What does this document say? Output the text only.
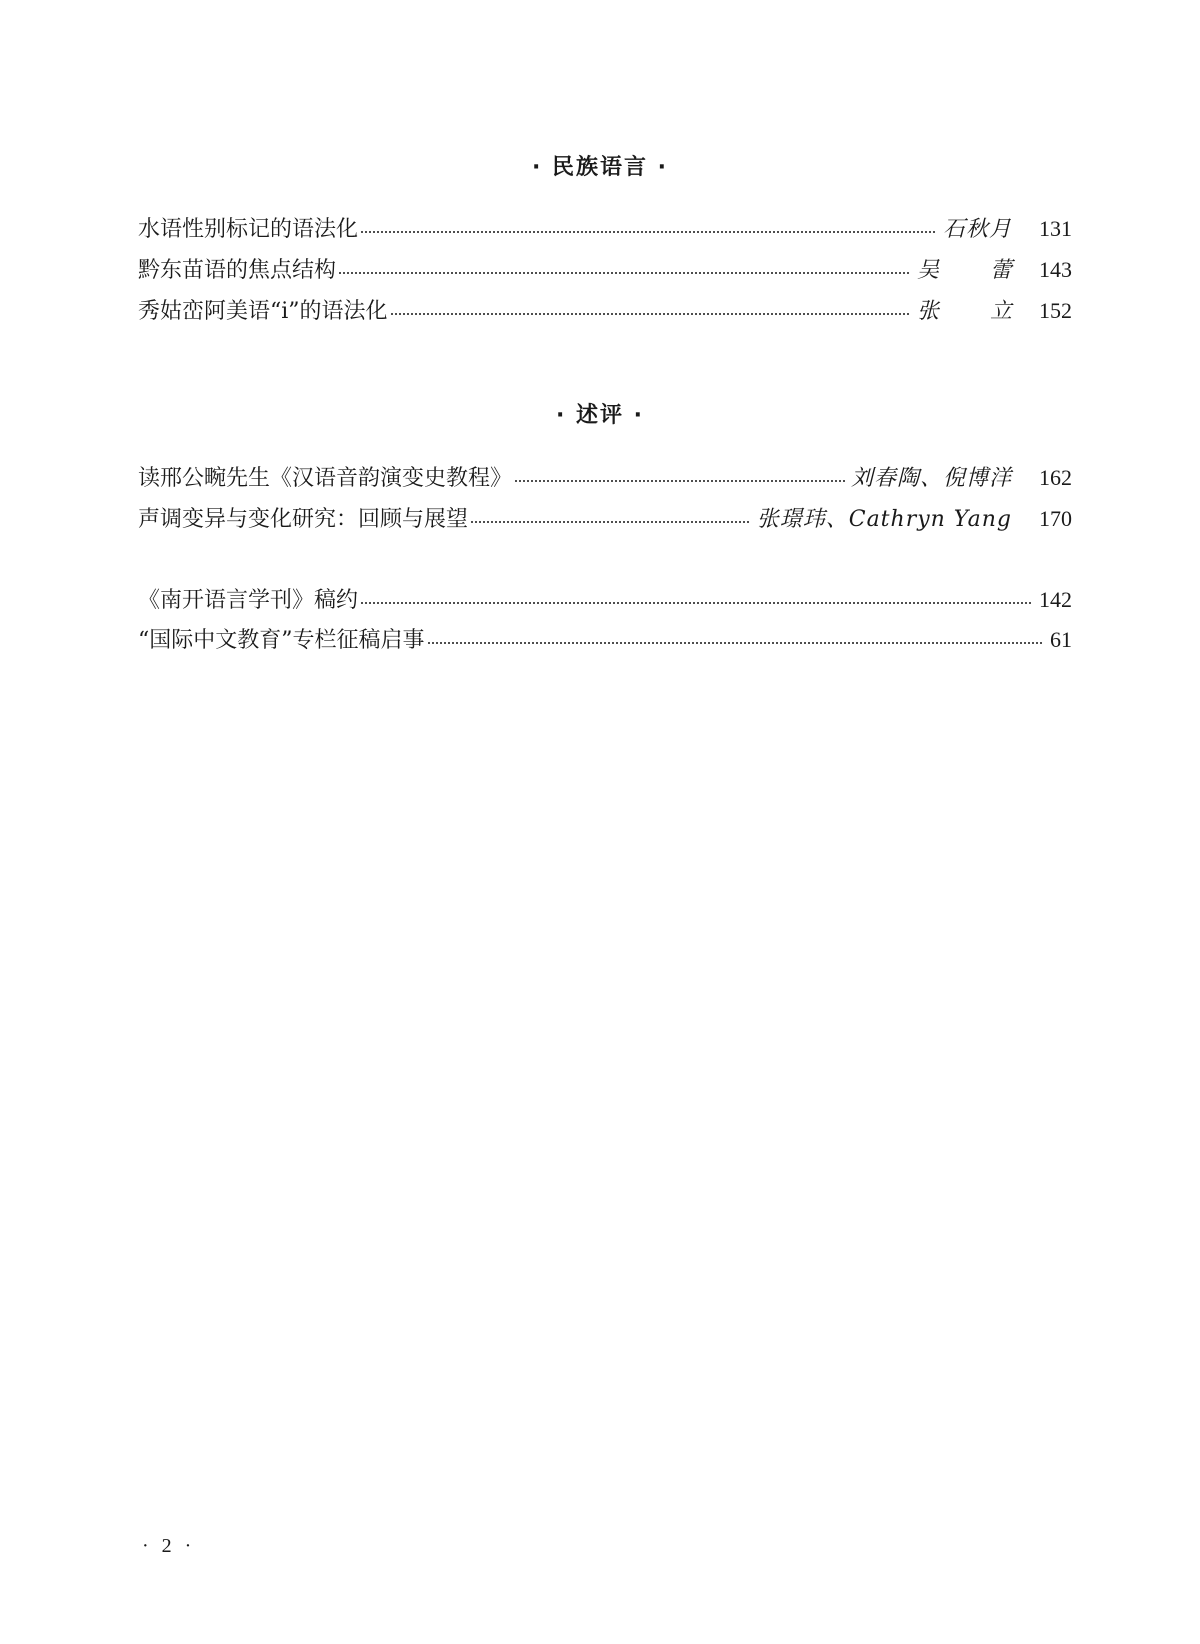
· 民族语言 ·
水语性别标记的语法化	石秋月	131
黔东苗语的焦点结构	吴 蕾 143
秀姑峦阿美语“i”的语法化	张 立 152
· 述评 ·
读邢公畹先生《汉语音韵演变史教程》	刘春陶、倪博洋	162
声调变异与变化研究：回顾与展望	张璟玮、Cathryn Yang	170
《南开语言学刊》稿约	142
“国际中文教育”专栏征稿启事	61
· 2 ·
